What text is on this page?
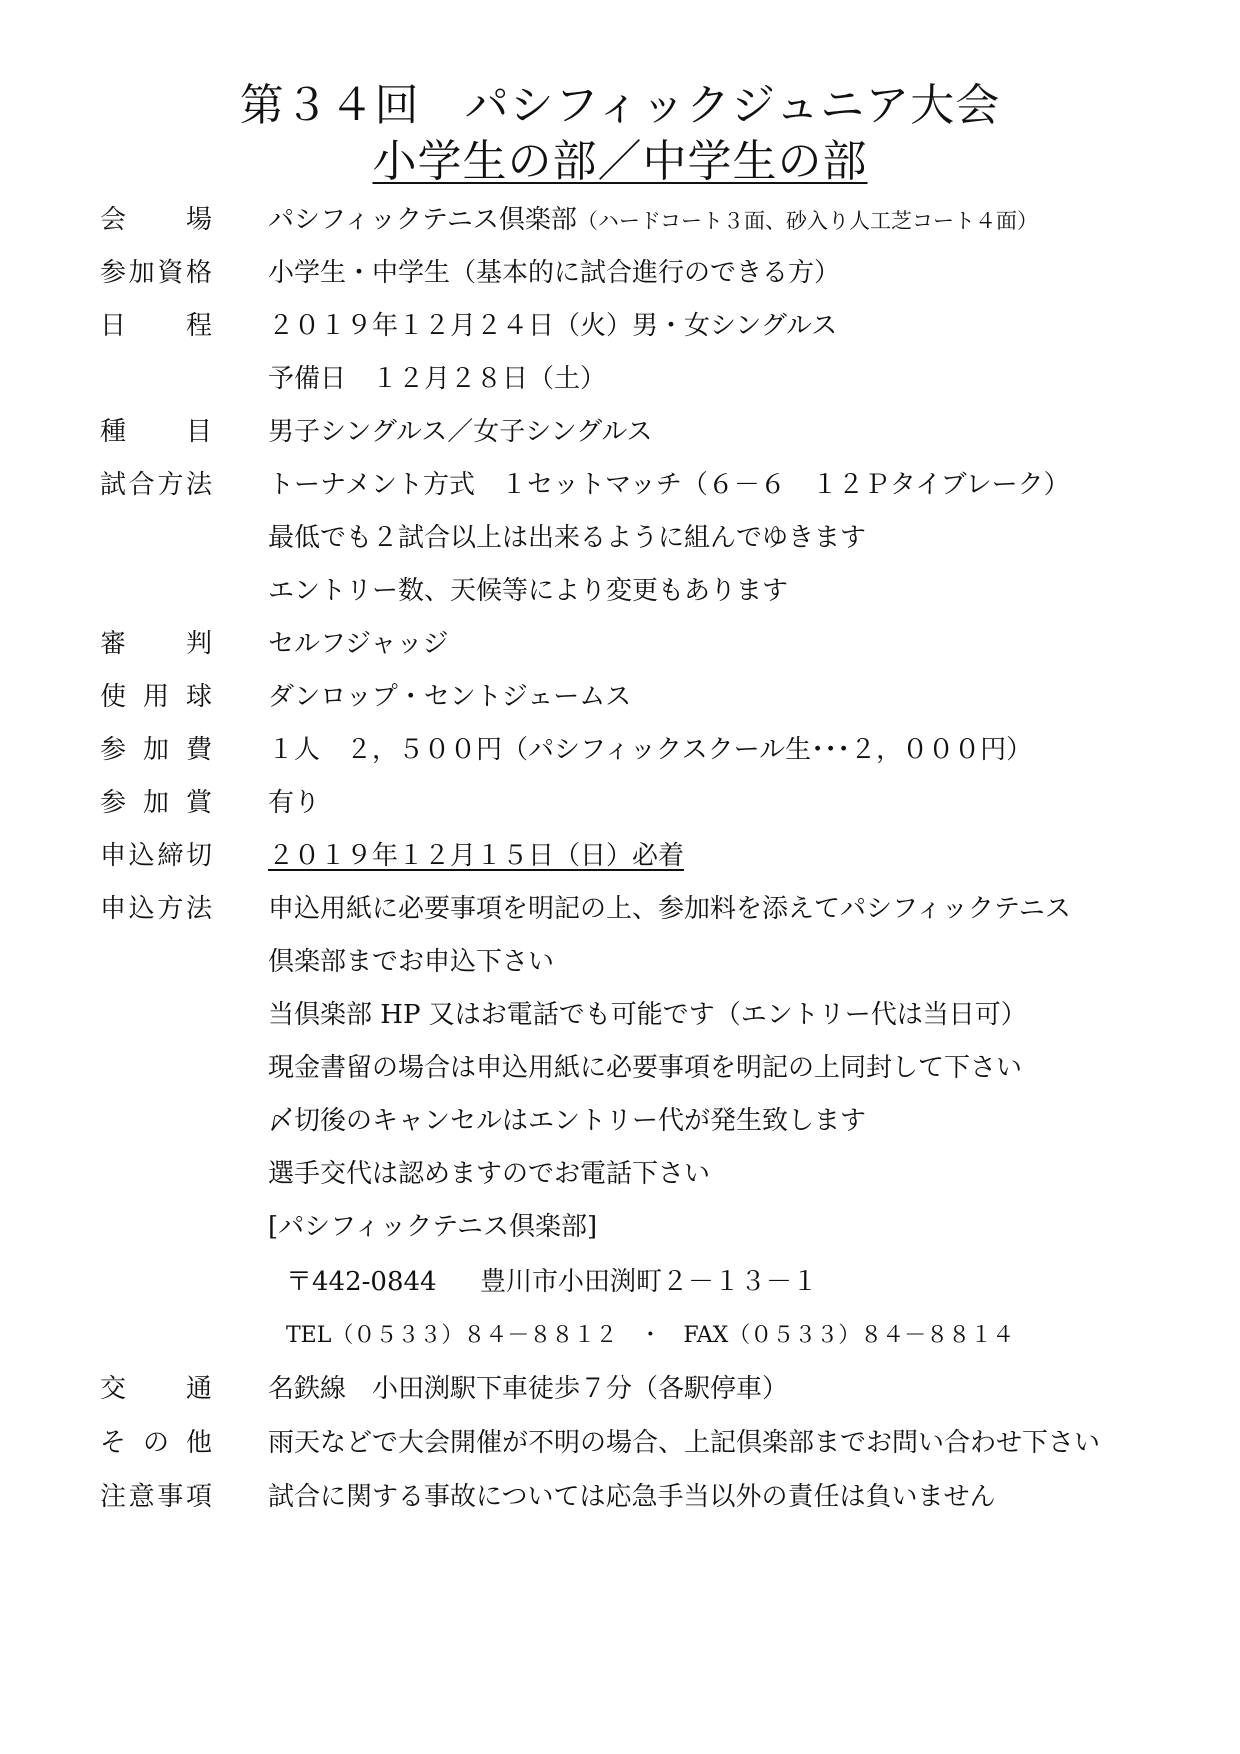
第３４回　パシフィックジュニア大会
小学生の部／中学生の部
会　場 パシフィックテニス倶楽部（ハードコート３面、砂入り人工芝コート４面）
参加資格 小学生・中学生（基本的に試合進行のできる方）
日　程 ２０１９年１２月２４日（火）男・女シングルス
予備日　１２月２８日（土）
種　目 男子シングルス／女子シングルス
試合方法 トーナメント方式　１セットマッチ（６－６　１２Ｐタイブレーク）
最低でも２試合以上は出来るように組んでゆきます
エントリー数、天候等により変更もあります
審　判 セルフジャッジ
使用球 ダンロップ・セントジェームス
参加費 １人　２，５００円（パシフィックスクール生･･･２，０００円）
参加賞 有り
申込締切 ２０１９年１２月１５日（日）必着
申込方法 申込用紙に必要事項を明記の上、参加料を添えてパシフィックテニス
倶楽部までお申込下さい
当倶楽部 HP 又はお電話でも可能です（エントリー代は当日可）
現金書留の場合は申込用紙に必要事項を明記の上同封して下さい
〆切後のキャンセルはエントリー代が発生致します
選手交代は認めますのでお電話下さい
[パシフィックテニス倶楽部]
〒442-0844 豊川市小田渕町２－１３－１
TEL（０５３３）８４－８８１２　・　FAX（０５３３）８４－８８１４
交　通 名鉄線　小田渕駅下車徒歩７分（各駅停車）
その他 雨天などで大会開催が不明の場合、上記倶楽部までお問い合わせ下さい
注意事項 試合に関する事故については応急手当以外の責任は負いません
